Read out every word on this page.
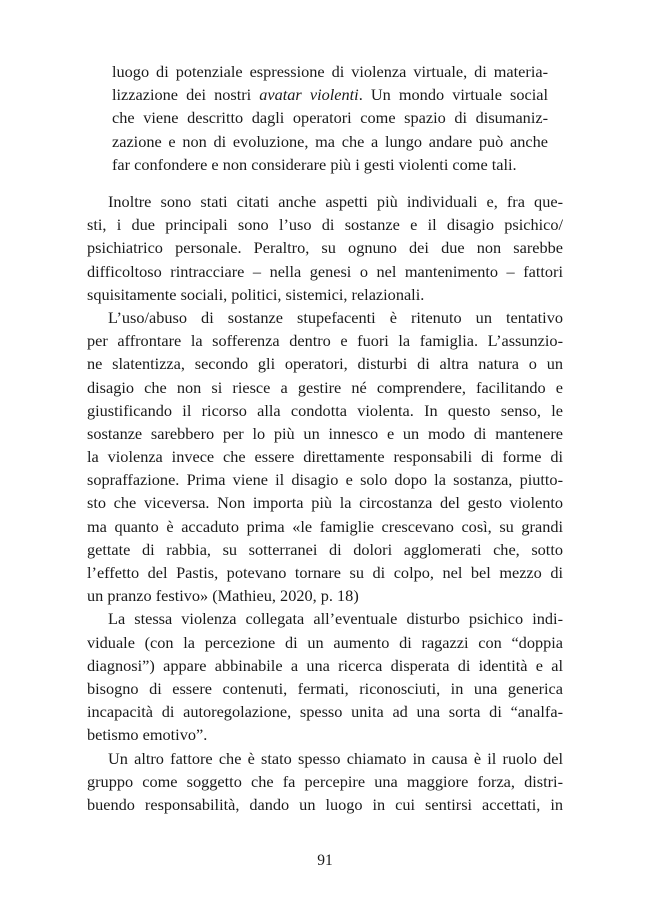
luogo di potenziale espressione di violenza virtuale, di materia-
lizzazione dei nostri avatar violenti. Un mondo virtuale social
che viene descritto dagli operatori come spazio di disumaniz-
zazione e non di evoluzione, ma che a lungo andare può anche
far confondere e non considerare più i gesti violenti come tali.
Inoltre sono stati citati anche aspetti più individuali e, fra que-
sti, i due principali sono l’uso di sostanze e il disagio psichico/
psichiatrico personale. Peraltro, su ognuno dei due non sarebbe
difficoltoso rintracciare – nella genesi o nel mantenimento – fattori
squisitamente sociali, politici, sistemici, relazionali.
L’uso/abuso di sostanze stupefacenti è ritenuto un tentativo
per affrontare la sofferenza dentro e fuori la famiglia. L’assunzio-
ne slatentizza, secondo gli operatori, disturbi di altra natura o un
disagio che non si riesce a gestire né comprendere, facilitando e
giustificando il ricorso alla condotta violenta. In questo senso, le
sostanze sarebbero per lo più un innesco e un modo di mantenere
la violenza invece che essere direttamente responsabili di forme di
sopraffazione. Prima viene il disagio e solo dopo la sostanza, piutto-
sto che viceversa. Non importa più la circostanza del gesto violento
ma quanto è accaduto prima «le famiglie crescevano così, su grandi
gettate di rabbia, su sotterranei di dolori agglomerati che, sotto
l’effetto del Pastis, potevano tornare su di colpo, nel bel mezzo di
un pranzo festivo» (Mathieu, 2020, p. 18)
La stessa violenza collegata all’eventuale disturbo psichico indi-
viduale (con la percezione di un aumento di ragazzi con “doppia
diagnosi”) appare abbinabile a una ricerca disperata di identità e al
bisogno di essere contenuti, fermati, riconosciuti, in una generica
incapacità di autoregolazione, spesso unita ad una sorta di “analfa-
betismo emotivo”.
Un altro fattore che è stato spesso chiamato in causa è il ruolo del
gruppo come soggetto che fa percepire una maggiore forza, distri-
buendo responsabilità, dando un luogo in cui sentirsi accettati, in
91
